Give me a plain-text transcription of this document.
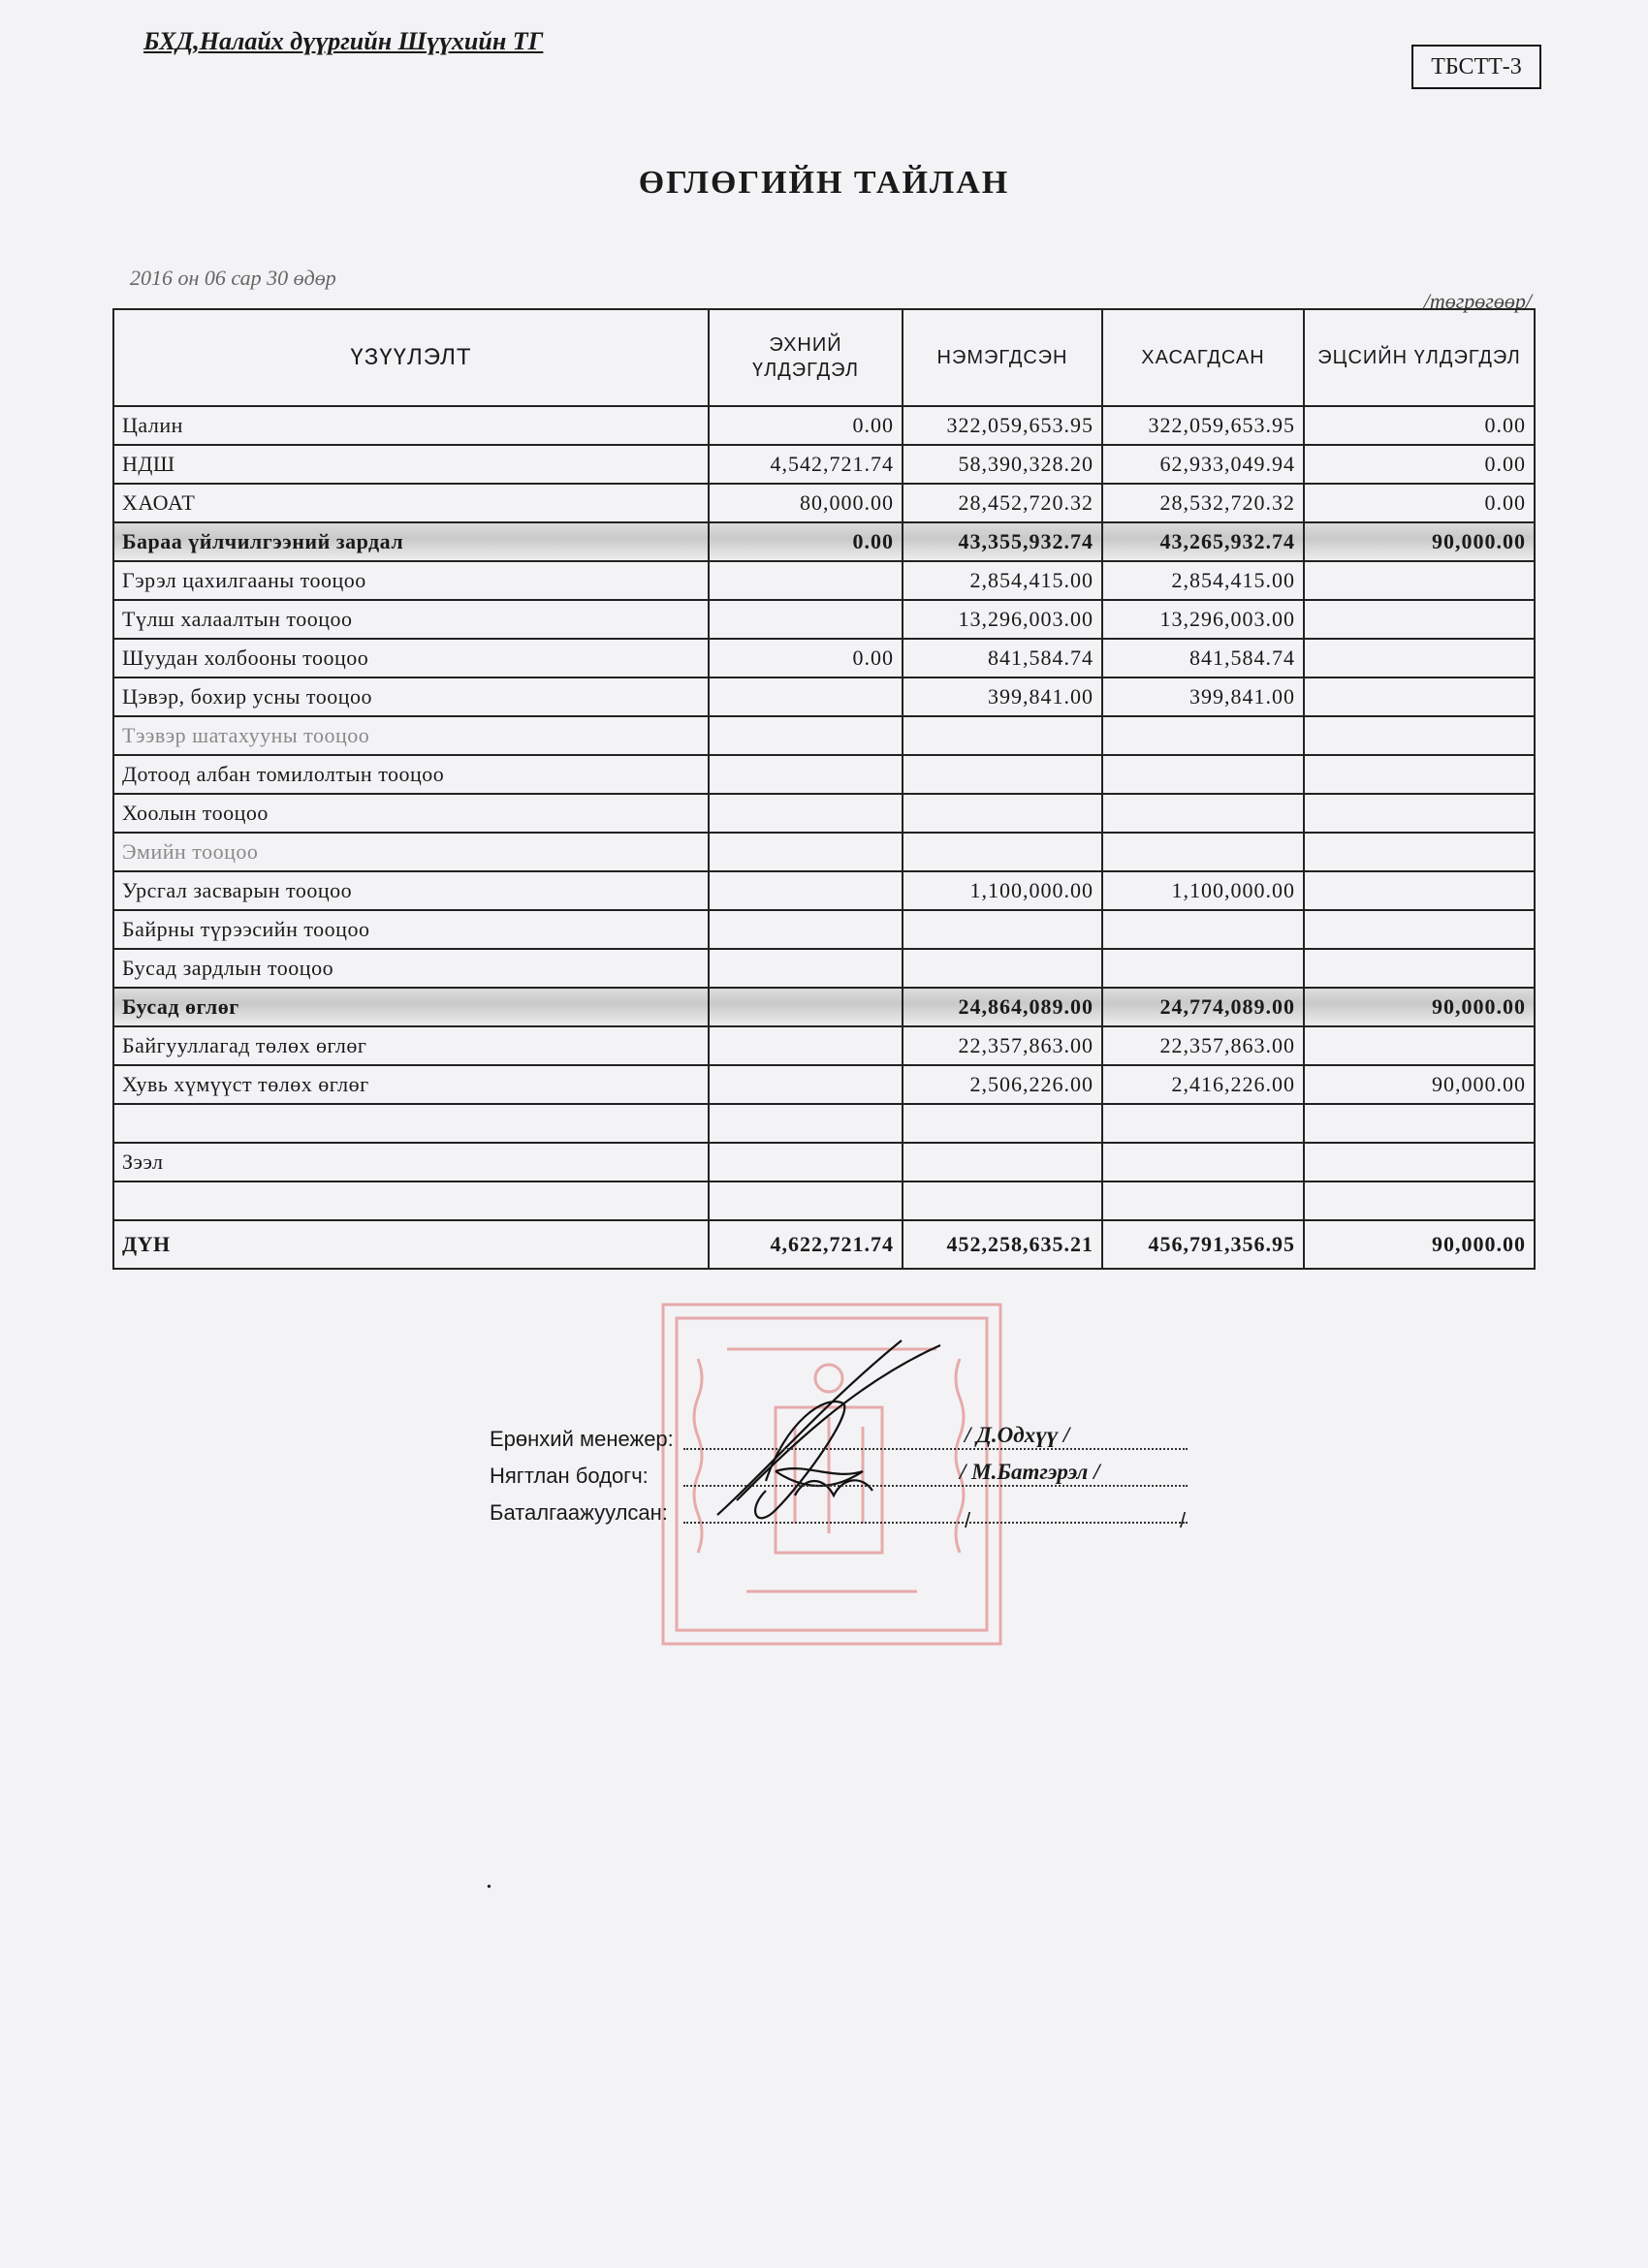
БХД,Налайх дүүргийн Шүүхийн ТГ
ТБСТТ-3
ӨГЛӨГИЙН ТАЙЛАН
2016 он 06 сар 30 өдөр
/төгрөгөөр/
ҮЗҮҮЛЭЛТ	ЭХНИЙ ҮЛДЭГДЭЛ	НЭМЭГДСЭН	ХАСАГДСАН	ЭЦСИЙН ҮЛДЭГДЭЛ
Цалин	0.00	322,059,653.95	322,059,653.95	0.00
НДШ	4,542,721.74	58,390,328.20	62,933,049.94	0.00
ХАОАТ	80,000.00	28,452,720.32	28,532,720.32	0.00
Бараа үйлчилгээний зардал	0.00	43,355,932.74	43,265,932.74	90,000.00
Гэрэл цахилгааны тооцоо		2,854,415.00	2,854,415.00	
Түлш халаалтын тооцоо		13,296,003.00	13,296,003.00	
Шуудан холбооны тооцоо	0.00	841,584.74	841,584.74	
Цэвэр, бохир усны тооцоо		399,841.00	399,841.00	
Тээвэр шатахууны тооцоо				
Дотоод албан томилолтын тооцоо				
Хоолын тооцоо				
Эмийн тооцоо				
Урсгал засварын тооцоо		1,100,000.00	1,100,000.00	
Байрны түрээсийн тооцоо				
Бусад зардлын тооцоо				
Бусад өглөг		24,864,089.00	24,774,089.00	90,000.00
Байгууллагад төлөх өглөг		22,357,863.00	22,357,863.00	
Хувь хүмүүст төлөх өглөг		2,506,226.00	2,416,226.00	90,000.00

Зээл				

ДҮН	4,622,721.74	452,258,635.21	456,791,356.95	90,000.00
Ерөнхий менежер:	/ Д.Одхүү /
Нягтлан бодогч:	/ М.Батгэрэл /
Баталгаажуулсан:	/	/
•
